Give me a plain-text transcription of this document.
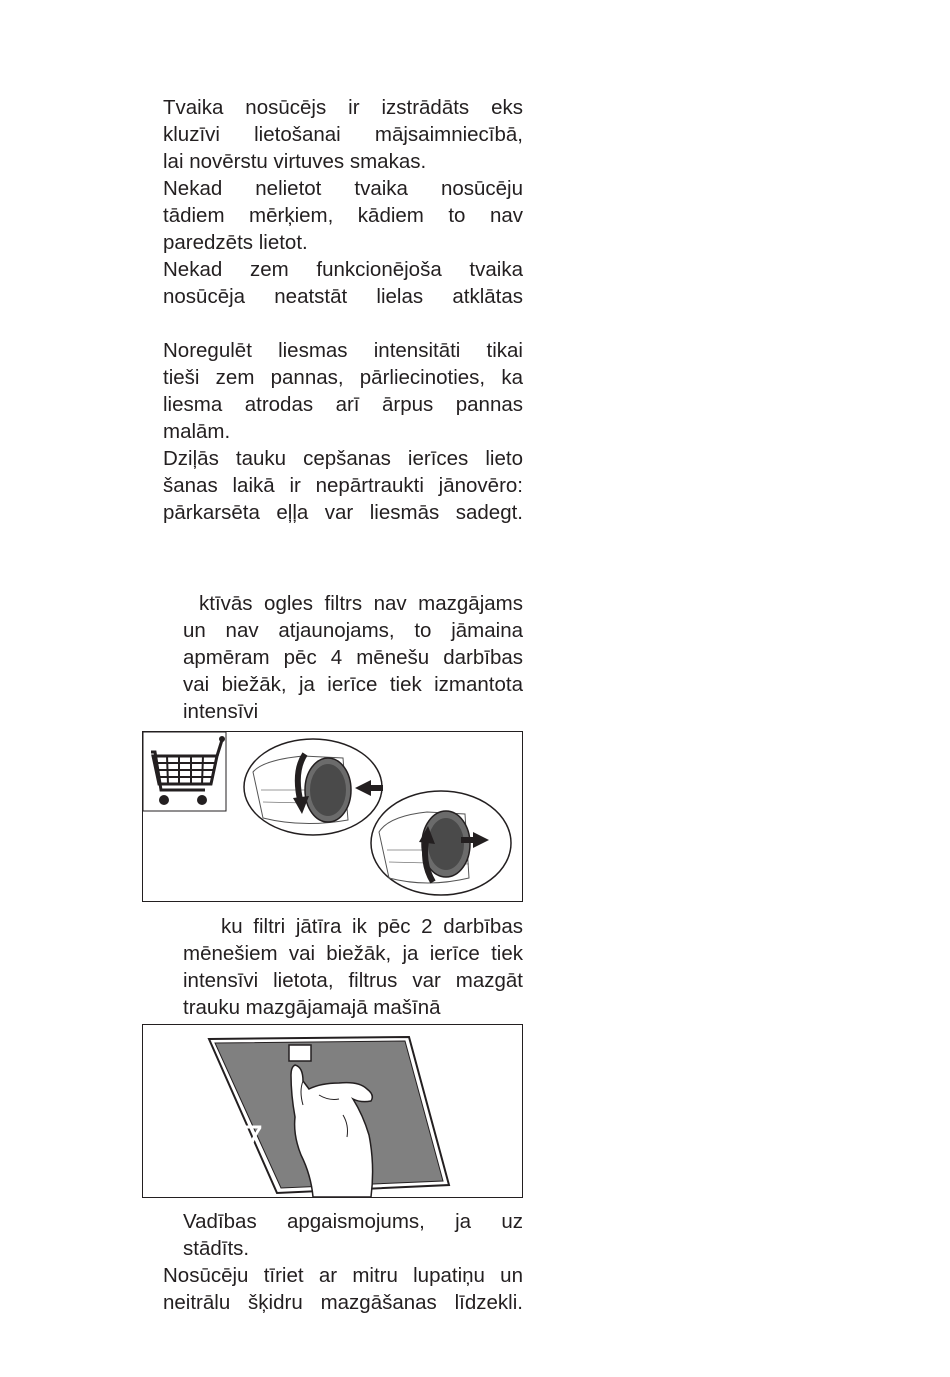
Tvaika nosūcējs ir izstrādāts eks
kluzīvi lietošanai mājsaimniecībā,
lai novērstu virtuves smakas.
Nekad nelietot tvaika nosūcēju
tādiem mērķiem, kādiem to nav
paredzēts lietot.
Nekad zem funkcionējoša tvaika
nosūcēja neatstāt lielas atklātas
Noregulēt liesmas intensitāti tikai
tieši zem pannas, pārliecinoties, ka
liesma atrodas arī ārpus pannas
malām.
Dziļās tauku cepšanas ierīces lieto
šanas laikā ir nepārtraukti jānovēro:
pārkarsēta eļļa var liesmās sadegt.
ktīvās ogles filtrs nav mazgājams
un nav atjaunojams, to jāmaina
apmēram pēc 4 mēnešu darbības
vai biežāk, ja ierīce tiek izmantota
intensīvi
ku filtri jātīra ik pēc 2 darbības
mēnešiem vai biežāk, ja ierīce tiek
intensīvi lietota, filtrus var mazgāt
trauku mazgājamajā mašīnā
7
Vadības apgaismojums, ja uz
stādīts.
Nosūcēju tīriet ar mitru lupatiņu un
neitrālu šķidru mazgāšanas līdzekli.
